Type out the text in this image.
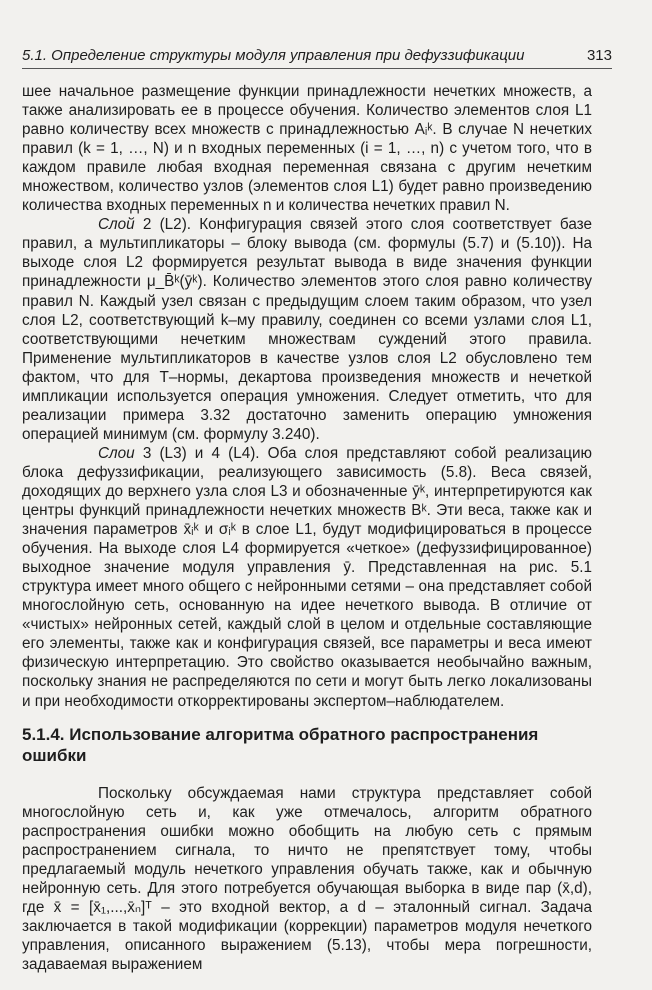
5.1. Определение структуры модуля управления при дефуззификации	313

шее начальное размещение функции принадлежности нечетких множеств, а также анализировать ее в процессе обучения. Количество элементов слоя L1 равно количеству всех множеств с принадлежностью Aᵢᵏ. В случае N нечетких правил (k = 1, …, N) и n входных переменных (i = 1, …, n) с учетом того, что в каждом правиле любая входная переменная связана с другим нечетким множеством, количество узлов (элементов слоя L1) будет равно произведению количества входных переменных n и количества нечетких правил N.

Слой 2 (L2). Конфигурация связей этого слоя соответствует базе правил, а мультипликаторы – блоку вывода (см. формулы (5.7) и (5.10)). На выходе слоя L2 формируется результат вывода в виде значения функции принадлежности μ_B̄ᵏ(ȳᵏ). Количество элементов этого слоя равно количеству правил N. Каждый узел связан с предыдущим слоем таким образом, что узел слоя L2, соответствующий k–му правилу, соединен со всеми узлами слоя L1, соответствующими нечетким множествам суждений этого правила. Применение мультипликаторов в качестве узлов слоя L2 обусловлено тем фактом, что для T–нормы, декартова произведения множеств и нечеткой импликации используется операция умножения. Следует отметить, что для реализации примера 3.32 достаточно заменить операцию умножения операцией минимум (см. формулу 3.240).

Слои 3 (L3) и 4 (L4). Оба слоя представляют собой реализацию блока дефуззификации, реализующего зависимость (5.8). Веса связей, доходящих до верхнего узла слоя L3 и обозначенные ȳᵏ, интерпретируются как центры функций принадлежности нечетких множеств Bᵏ. Эти веса, также как и значения параметров x̄ᵢᵏ и σᵢᵏ в слое L1, будут модифицироваться в процессе обучения. На выходе слоя L4 формируется «четкое» (дефуззифицированное) выходное значение модуля управления ȳ. Представленная на рис. 5.1 структура имеет много общего с нейронными сетями – она представляет собой многослойную сеть, основанную на идее нечеткого вывода. В отличие от «чистых» нейронных сетей, каждый слой в целом и отдельные составляющие его элементы, также как и конфигурация связей, все параметры и веса имеют физическую интерпретацию. Это свойство оказывается необычайно важным, поскольку знания не распределяются по сети и могут быть легко локализованы и при необходимости откорректированы экспертом–наблюдателем.

5.1.4. Использование алгоритма обратного распространения ошибки

Поскольку обсуждаемая нами структура представляет собой многослойную сеть и, как уже отмечалось, алгоритм обратного распространения ошибки можно обобщить на любую сеть с прямым распространением сигнала, то ничто не препятствует тому, чтобы предлагаемый модуль нечеткого управления обучать также, как и обычную нейронную сеть. Для этого потребуется обучающая выборка в виде пар (x̄,d), где x̄ = [x̄₁,...,x̄ₙ]ᵀ – это входной вектор, а d – эталонный сигнал. Задача заключается в такой модификации (коррекции) параметров модуля нечеткого управления, описанного выражением (5.13), чтобы мера погрешности, задаваемая выражением
